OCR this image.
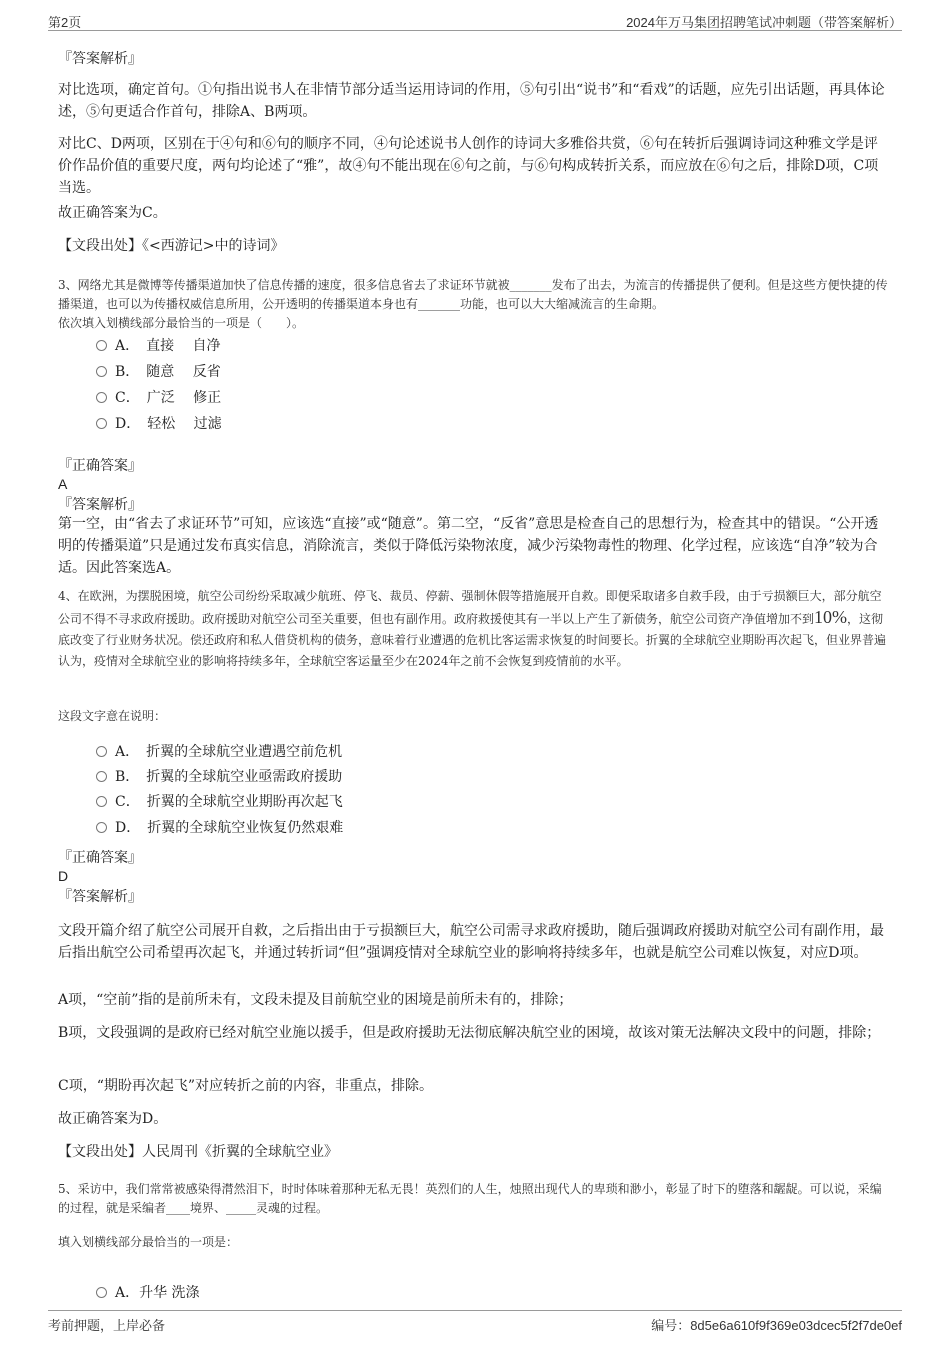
第2页	2024年万马集团招聘笔试冲刺题（带答案解析）
『答案解析』
对比选项，确定首句。①句指出说书人在非情节部分适当运用诗词的作用，⑤句引出“说书”和“看戏”的话题，应先引出话题，再具体论述，⑤句更适合作首句，排除A、B两项。
对比C、D两项，区别在于④句和⑥句的顺序不同，④句论述说书人创作的诗词大多雅俗共赏，⑥句在转折后强调诗词这种雅文学是评价作品价值的重要尺度，两句均论述了“雅”，故④句不能出现在⑥句之前，与⑥句构成转折关系，而应放在⑥句之后，排除D项，C项当选。
故正确答案为C。
【文段出处】《<西游记>中的诗词》
3、网络尤其是微博等传播渠道加快了信息传播的速度，很多信息省去了求证环节就被_______发布了出去，为流言的传播提供了便利。但是这些方便快捷的传播渠道，也可以为传播权威信息所用，公开透明的传播渠道本身也有_______功能，也可以大大缩减流言的生命期。
依次填入划横线部分最恰当的一项是（　　）。
A．　直接　 自净
B．　随意　 反省
C．　广泛　 修正
D．　轻松　 过滤
『正确答案』
A
『答案解析』
第一空，由“省去了求证环节”可知，应该选“直接”或“随意”。第二空，“反省”意思是检查自己的思想行为，检查其中的错误。“公开透明的传播渠道”只是通过发布真实信息，消除流言，类似于降低污染物浓度，减少污染物毒性的物理、化学过程，应该选“自净”较为合适。因此答案选A。
4、在欧洲，为摆脱困境，航空公司纷纷采取减少航班、停飞、裁员、停薪、强制休假等措施展开自救。即便采取诸多自救手段，由于亏损额巨大，部分航空公司不得不寻求政府援助。政府援助对航空公司至关重要，但也有副作用。政府救援使其有一半以上产生了新债务，航空公司资产净值增加不到10%，这彻底改变了行业财务状况。偿还政府和私人借贷机构的债务，意味着行业遭遇的危机比客运需求恢复的时间要长。折翼的全球航空业期盼再次起飞，但业界普遍认为，疫情对全球航空业的影响将持续多年，全球航空客运量至少在2024年之前不会恢复到疫情前的水平。
这段文字意在说明：
A．　折翼的全球航空业遭遇空前危机
B．　折翼的全球航空业亟需政府援助
C．　折翼的全球航空业期盼再次起飞
D．　折翼的全球航空业恢复仍然艰难
『正确答案』
D
『答案解析』
文段开篇介绍了航空公司展开自救，之后指出由于亏损额巨大，航空公司需寻求政府援助，随后强调政府援助对航空公司有副作用，最后指出航空公司希望再次起飞，并通过转折词“但”强调疫情对全球航空业的影响将持续多年，也就是航空公司难以恢复，对应D项。
A项，“空前”指的是前所未有，文段未提及目前航空业的困境是前所未有的，排除；
B项，文段强调的是政府已经对航空业施以援手，但是政府援助无法彻底解决航空业的困境，故该对策无法解决文段中的问题，排除；
C项，“期盼再次起飞”对应转折之前的内容，非重点，排除。
故正确答案为D。
【文段出处】人民周刊《折翼的全球航空业》
5、采访中，我们常常被感染得潸然泪下，时时体味着那种无私无畏！英烈们的人生，烛照出现代人的卑琐和渺小，彰显了时下的堕落和龌龊。可以说，采编的过程，就是采编者____境界、_____灵魂的过程。
填入划横线部分最恰当的一项是：
A．升华 洗涤
考前押题，上岸必备	编号：8d5e6a610f9f369e03dcec5f2f7de0ef
